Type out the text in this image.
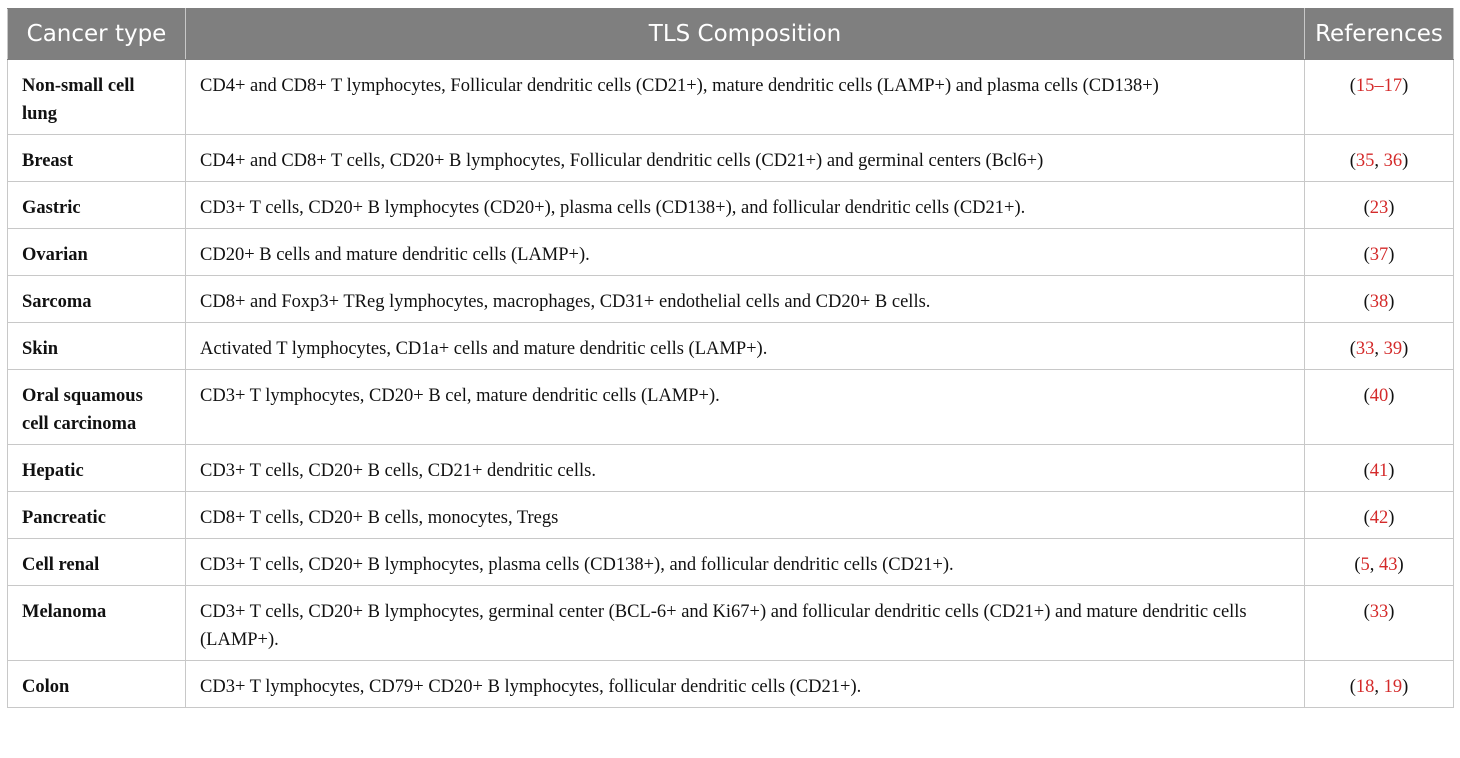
Cancer type	TLS Composition	References
Non-small cell lung	CD4+ and CD8+ T lymphocytes, Follicular dendritic cells (CD21+), mature dendritic cells (LAMP+) and plasma cells (CD138+)	(15–17)
Breast	CD4+ and CD8+ T cells, CD20+ B lymphocytes, Follicular dendritic cells (CD21+) and germinal centers (Bcl6+)	(35, 36)
Gastric	CD3+ T cells, CD20+ B lymphocytes (CD20+), plasma cells (CD138+), and follicular dendritic cells (CD21+).	(23)
Ovarian	CD20+ B cells and mature dendritic cells (LAMP+).	(37)
Sarcoma	CD8+ and Foxp3+ TReg lymphocytes, macrophages, CD31+ endothelial cells and CD20+ B cells.	(38)
Skin	Activated T lymphocytes, CD1a+ cells and mature dendritic cells (LAMP+).	(33, 39)
Oral squamous cell carcinoma	CD3+ T lymphocytes, CD20+ B cel, mature dendritic cells (LAMP+).	(40)
Hepatic	CD3+ T cells, CD20+ B cells, CD21+ dendritic cells.	(41)
Pancreatic	CD8+ T cells, CD20+ B cells, monocytes, Tregs	(42)
Cell renal	CD3+ T cells, CD20+ B lymphocytes, plasma cells (CD138+), and follicular dendritic cells (CD21+).	(5, 43)
Melanoma	CD3+ T cells, CD20+ B lymphocytes, germinal center (BCL-6+ and Ki67+) and follicular dendritic cells (CD21+) and mature dendritic cells (LAMP+).	(33)
Colon	CD3+ T lymphocytes, CD79+ CD20+ B lymphocytes, follicular dendritic cells (CD21+).	(18, 19)
